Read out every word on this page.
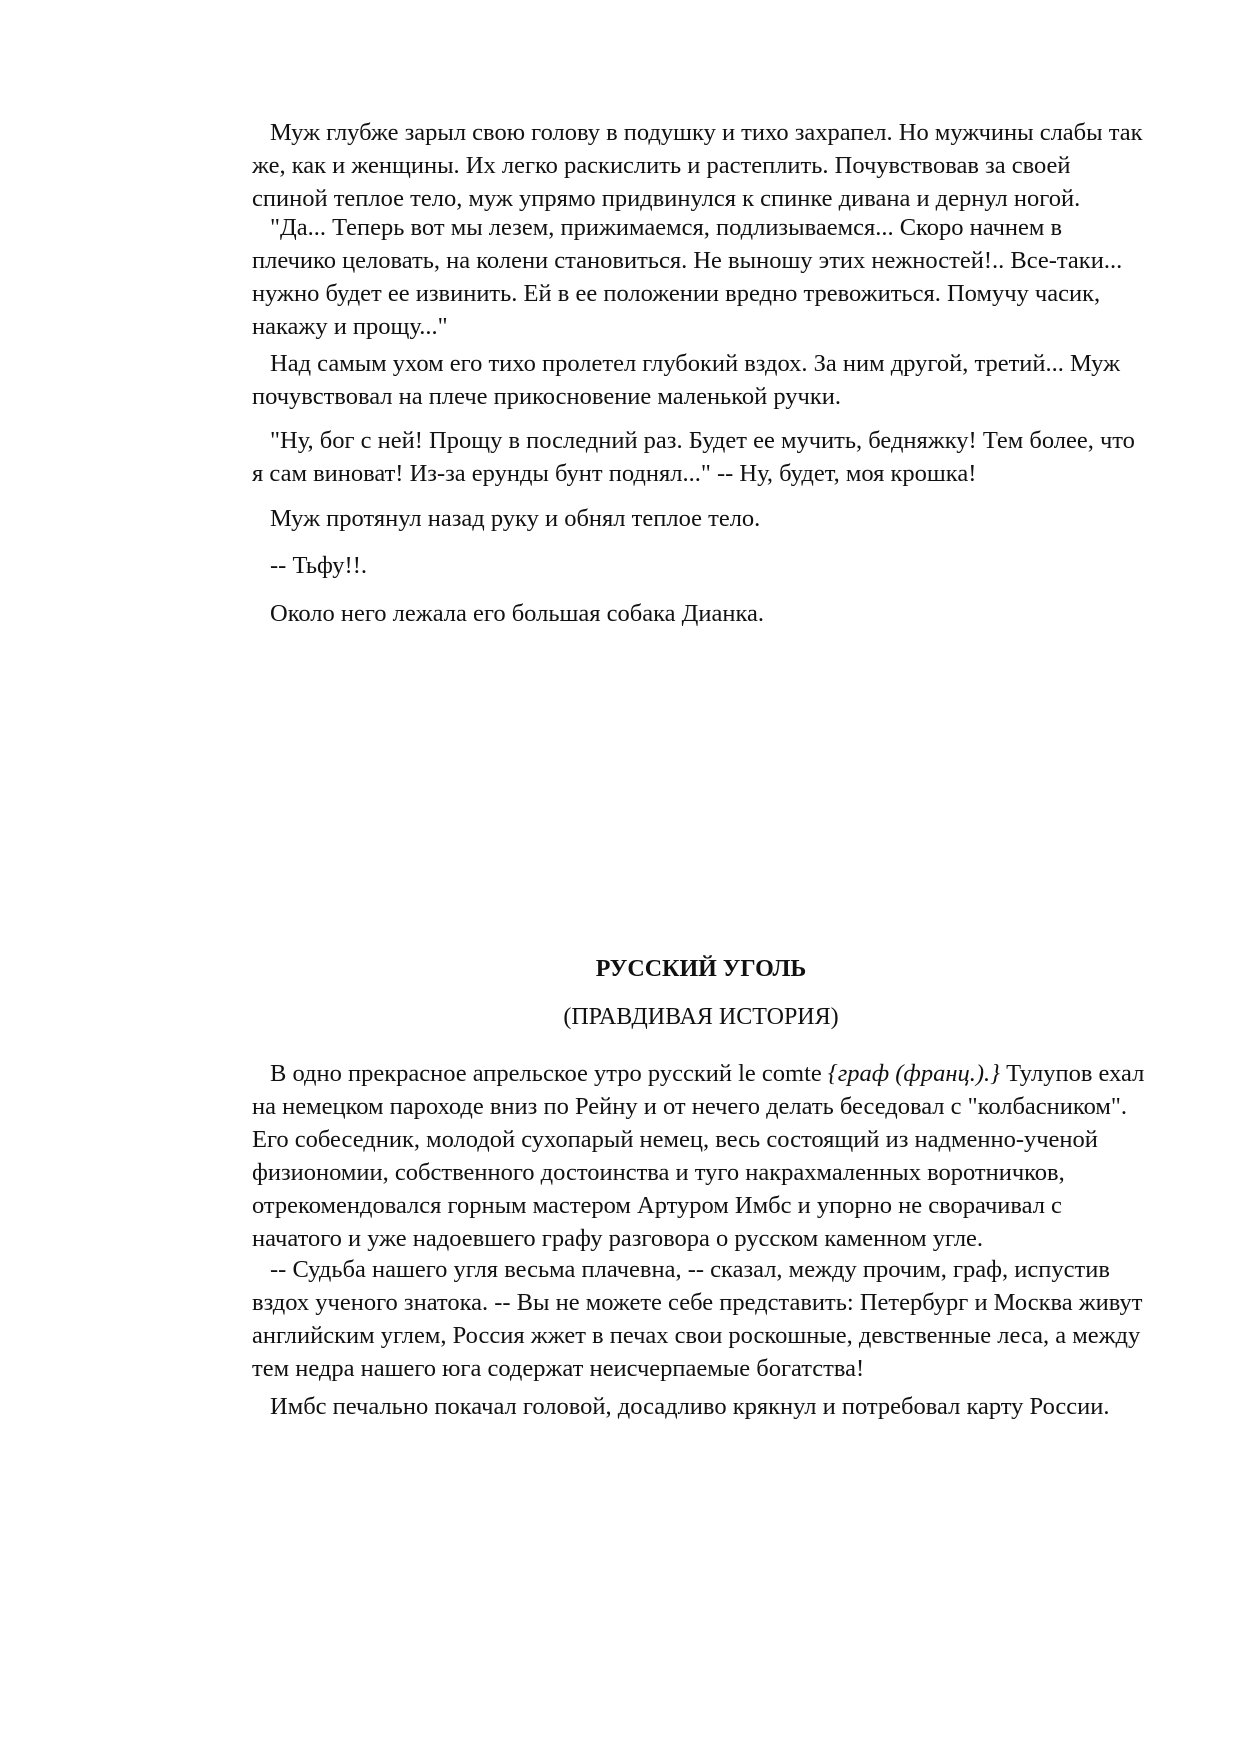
Муж глубже зарыл свою голову в подушку и тихо захрапел. Но мужчины слабы так же, как и женщины. Их легко раскислить и растеплить. Почувствовав за своей спиной теплое тело, муж упрямо придвинулся к спинке дивана и дернул ногой.

"Да... Теперь вот мы лезем, прижимаемся, подлизываемся... Скоро начнем в плечико целовать, на колени становиться. Не выношу этих нежностей!.. Все-таки... нужно будет ее извинить. Ей в ее положении вредно тревожиться. Помучу часик, накажу и прощу..."

Над самым ухом его тихо пролетел глубокий вздох. За ним другой, третий... Муж почувствовал на плече прикосновение маленькой ручки.

"Ну, бог с ней! Прощу в последний раз. Будет ее мучить, бедняжку! Тем более, что я сам виноват! Из-за ерунды бунт поднял..." -- Ну, будет, моя крошка!

Муж протянул назад руку и обнял теплое тело.

-- Тьфу!!.

Около него лежала его большая собака Дианка.

РУССКИЙ УГОЛЬ
(ПРАВДИВАЯ ИСТОРИЯ)

В одно прекрасное апрельское утро русский le comte {граф (франц.).} Тулупов ехал на немецком пароходе вниз по Рейну и от нечего делать беседовал с "колбасником". Его собеседник, молодой сухопарый немец, весь состоящий из надменно-ученой физиономии, собственного достоинства и туго накрахмаленных воротничков, отрекомендовался горным мастером Артуром Имбс и упорно не сворачивал с начатого и уже надоевшего графу разговора о русском каменном угле.

-- Судьба нашего угля весьма плачевна, -- сказал, между прочим, граф, испустив вздох ученого знатока. -- Вы не можете себе представить: Петербург и Москва живут английским углем, Россия жжет в печах свои роскошные, девственные леса, а между тем недра нашего юга содержат неисчерпаемые богатства!

Имбс печально покачал головой, досадливо крякнул и потребовал карту России.
